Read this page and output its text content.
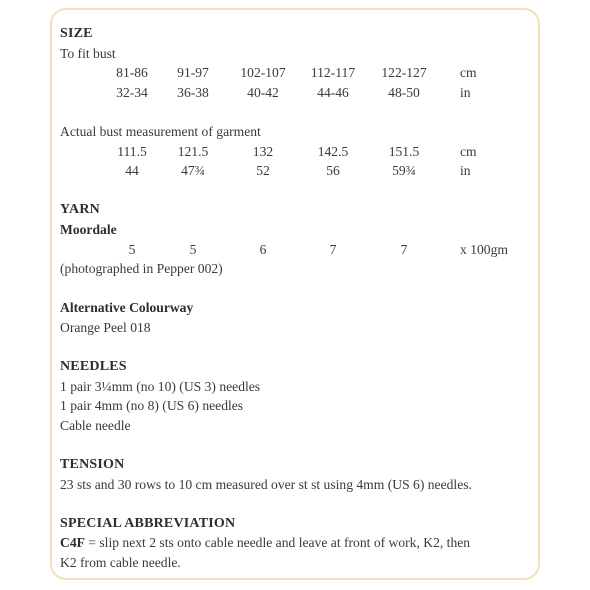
SIZE
To fit bust
81-86 91-97 102-107 112-117 122-127 cm
32-34 36-38	40-42	44-46	48-50	in
Actual bust measurement of garment
111.5 121.5	132	142.5	151.5	cm
44	47¾	52	56	59¾	in
YARN
Moordale
5	5	6	7	7	x 100gm
(photographed in Pepper 002)
Alternative Colourway
Orange Peel 018
NEEDLES
1 pair 3¼mm (no 10) (US 3) needles
1 pair 4mm (no 8) (US 6) needles
Cable needle
TENSION
23 sts and 30 rows to 10 cm measured over st st using 4mm (US 6) needles.
SPECIAL ABBREVIATION
C4F = slip next 2 sts onto cable needle and leave at front of work, K2, then
K2 from cable needle.
